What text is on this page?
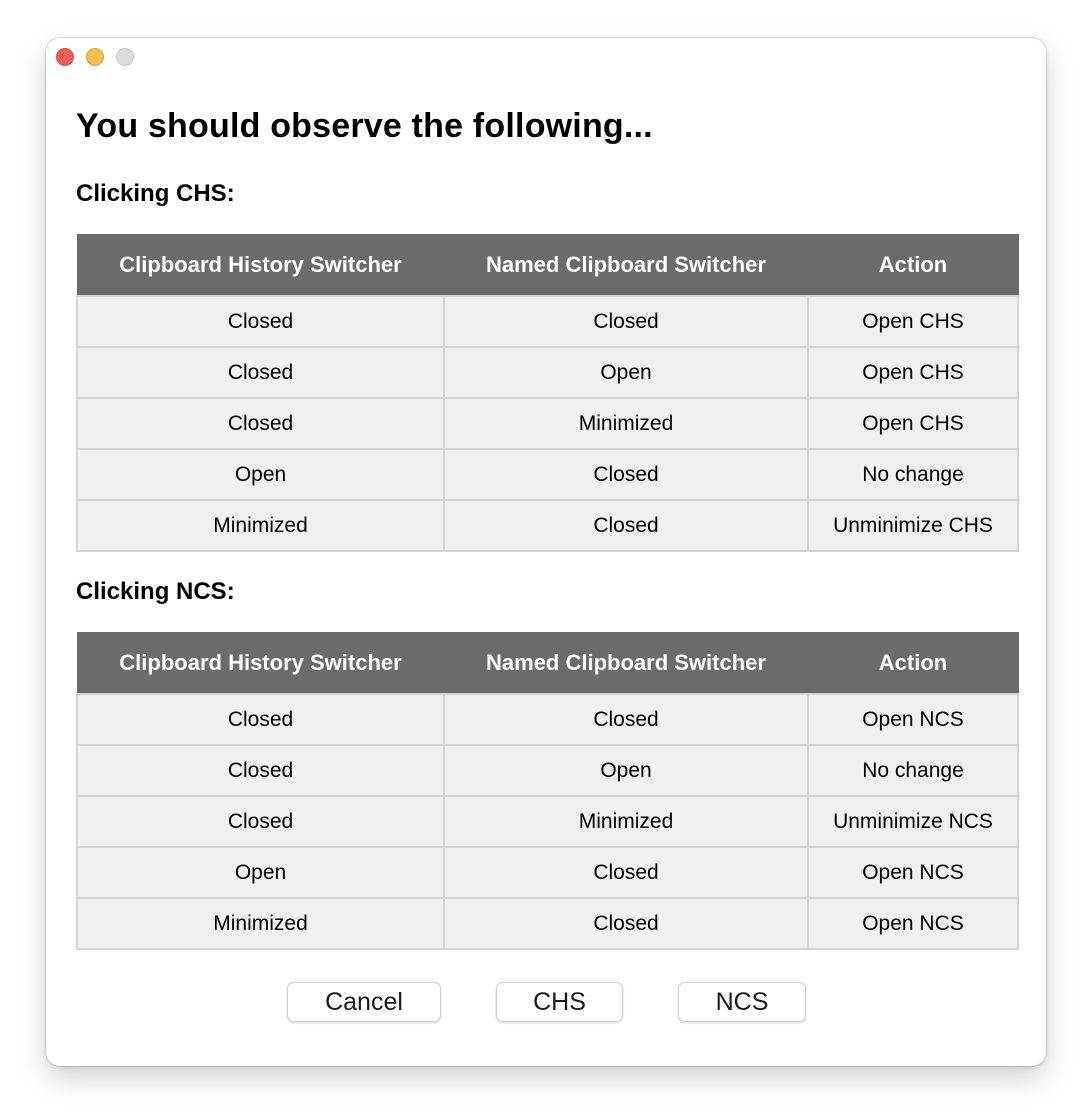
You should observe the following...
Clicking CHS:
Clipboard History Switcher	Named Clipboard Switcher	Action
Closed	Closed	Open CHS
Closed	Open	Open CHS
Closed	Minimized	Open CHS
Open	Closed	No change
Minimized	Closed	Unminimize CHS
Clicking NCS:
Clipboard History Switcher	Named Clipboard Switcher	Action
Closed	Closed	Open NCS
Closed	Open	No change
Closed	Minimized	Unminimize NCS
Open	Closed	Open NCS
Minimized	Closed	Open NCS
Cancel	CHS	NCS
